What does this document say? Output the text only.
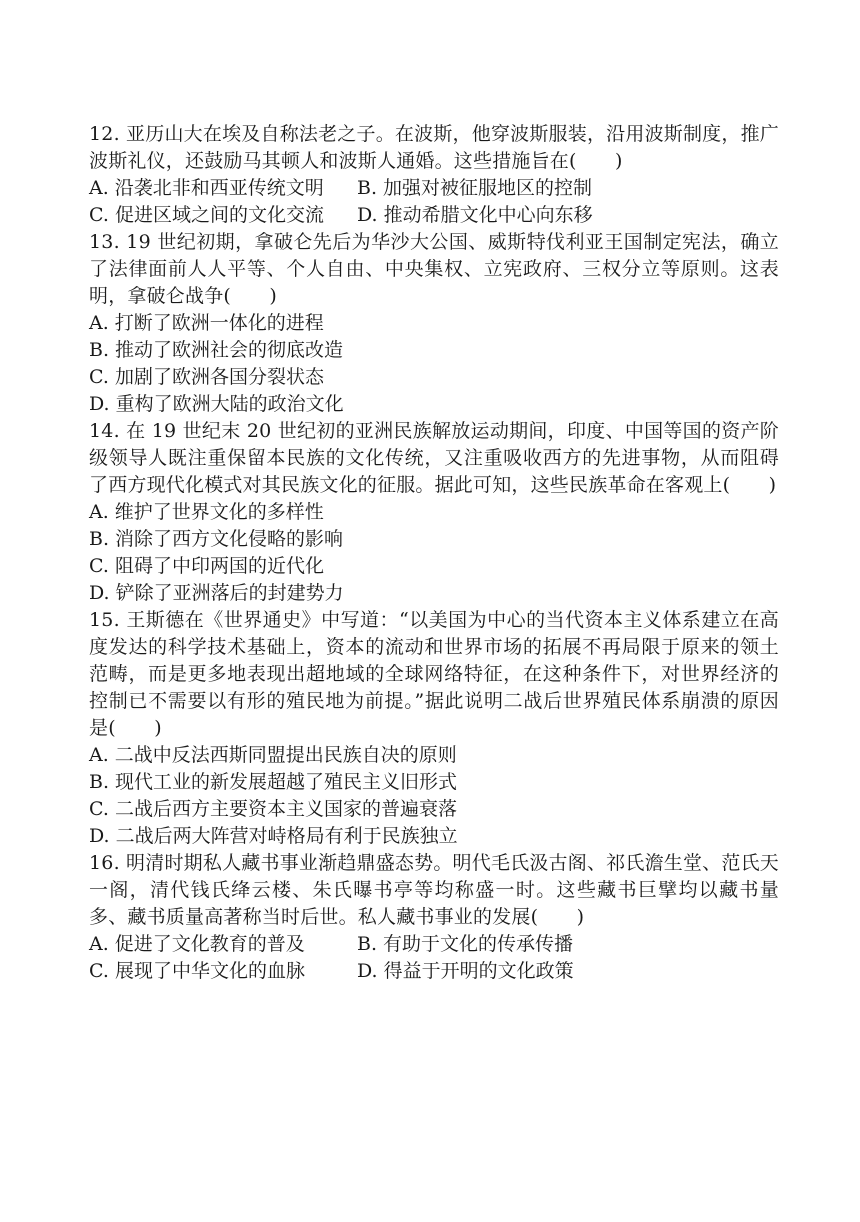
12. 亚历山大在埃及自称法老之子。在波斯，他穿波斯服装，沿用波斯制度，推广波斯礼仪，还鼓励马其顿人和波斯人通婚。这些措施旨在(　　)

A. 沿袭北非和西亚传统文明	B. 加强对被征服地区的控制
C. 促进区域之间的文化交流	D. 推动希腊文化中心向东移

13. 19 世纪初期，拿破仑先后为华沙大公国、威斯特伐利亚王国制定宪法，确立了法律面前人人平等、个人自由、中央集权、立宪政府、三权分立等原则。这表明，拿破仑战争(　　)

A. 打断了欧洲一体化的进程

B. 推动了欧洲社会的彻底改造

C. 加剧了欧洲各国分裂状态

D. 重构了欧洲大陆的政治文化

14. 在 19 世纪末 20 世纪初的亚洲民族解放运动期间，印度、中国等国的资产阶级领导人既注重保留本民族的文化传统，又注重吸收西方的先进事物，从而阻碍了西方现代化模式对其民族文化的征服。据此可知，这些民族革命在客观上(　　)

A. 维护了世界文化的多样性

B. 消除了西方文化侵略的影响

C. 阻碍了中印两国的近代化

D. 铲除了亚洲落后的封建势力

15. 王斯德在《世界通史》中写道：“以美国为中心的当代资本主义体系建立在高度发达的科学技术基础上，资本的流动和世界市场的拓展不再局限于原来的领土范畴，而是更多地表现出超地域的全球网络特征，在这种条件下，对世界经济的控制已不需要以有形的殖民地为前提。”据此说明二战后世界殖民体系崩溃的原因是(　　)

A. 二战中反法西斯同盟提出民族自决的原则

B. 现代工业的新发展超越了殖民主义旧形式

C. 二战后西方主要资本主义国家的普遍衰落

D. 二战后两大阵营对峙格局有利于民族独立

16. 明清时期私人藏书事业渐趋鼎盛态势。明代毛氏汲古阁、祁氏澹生堂、范氏天一阁，清代钱氏绛云楼、朱氏曝书亭等均称盛一时。这些藏书巨擘均以藏书量多、藏书质量高著称当时后世。私人藏书事业的发展(　　)

A. 促进了文化教育的普及	B. 有助于文化的传承传播
C. 展现了中华文化的血脉	D. 得益于开明的文化政策
